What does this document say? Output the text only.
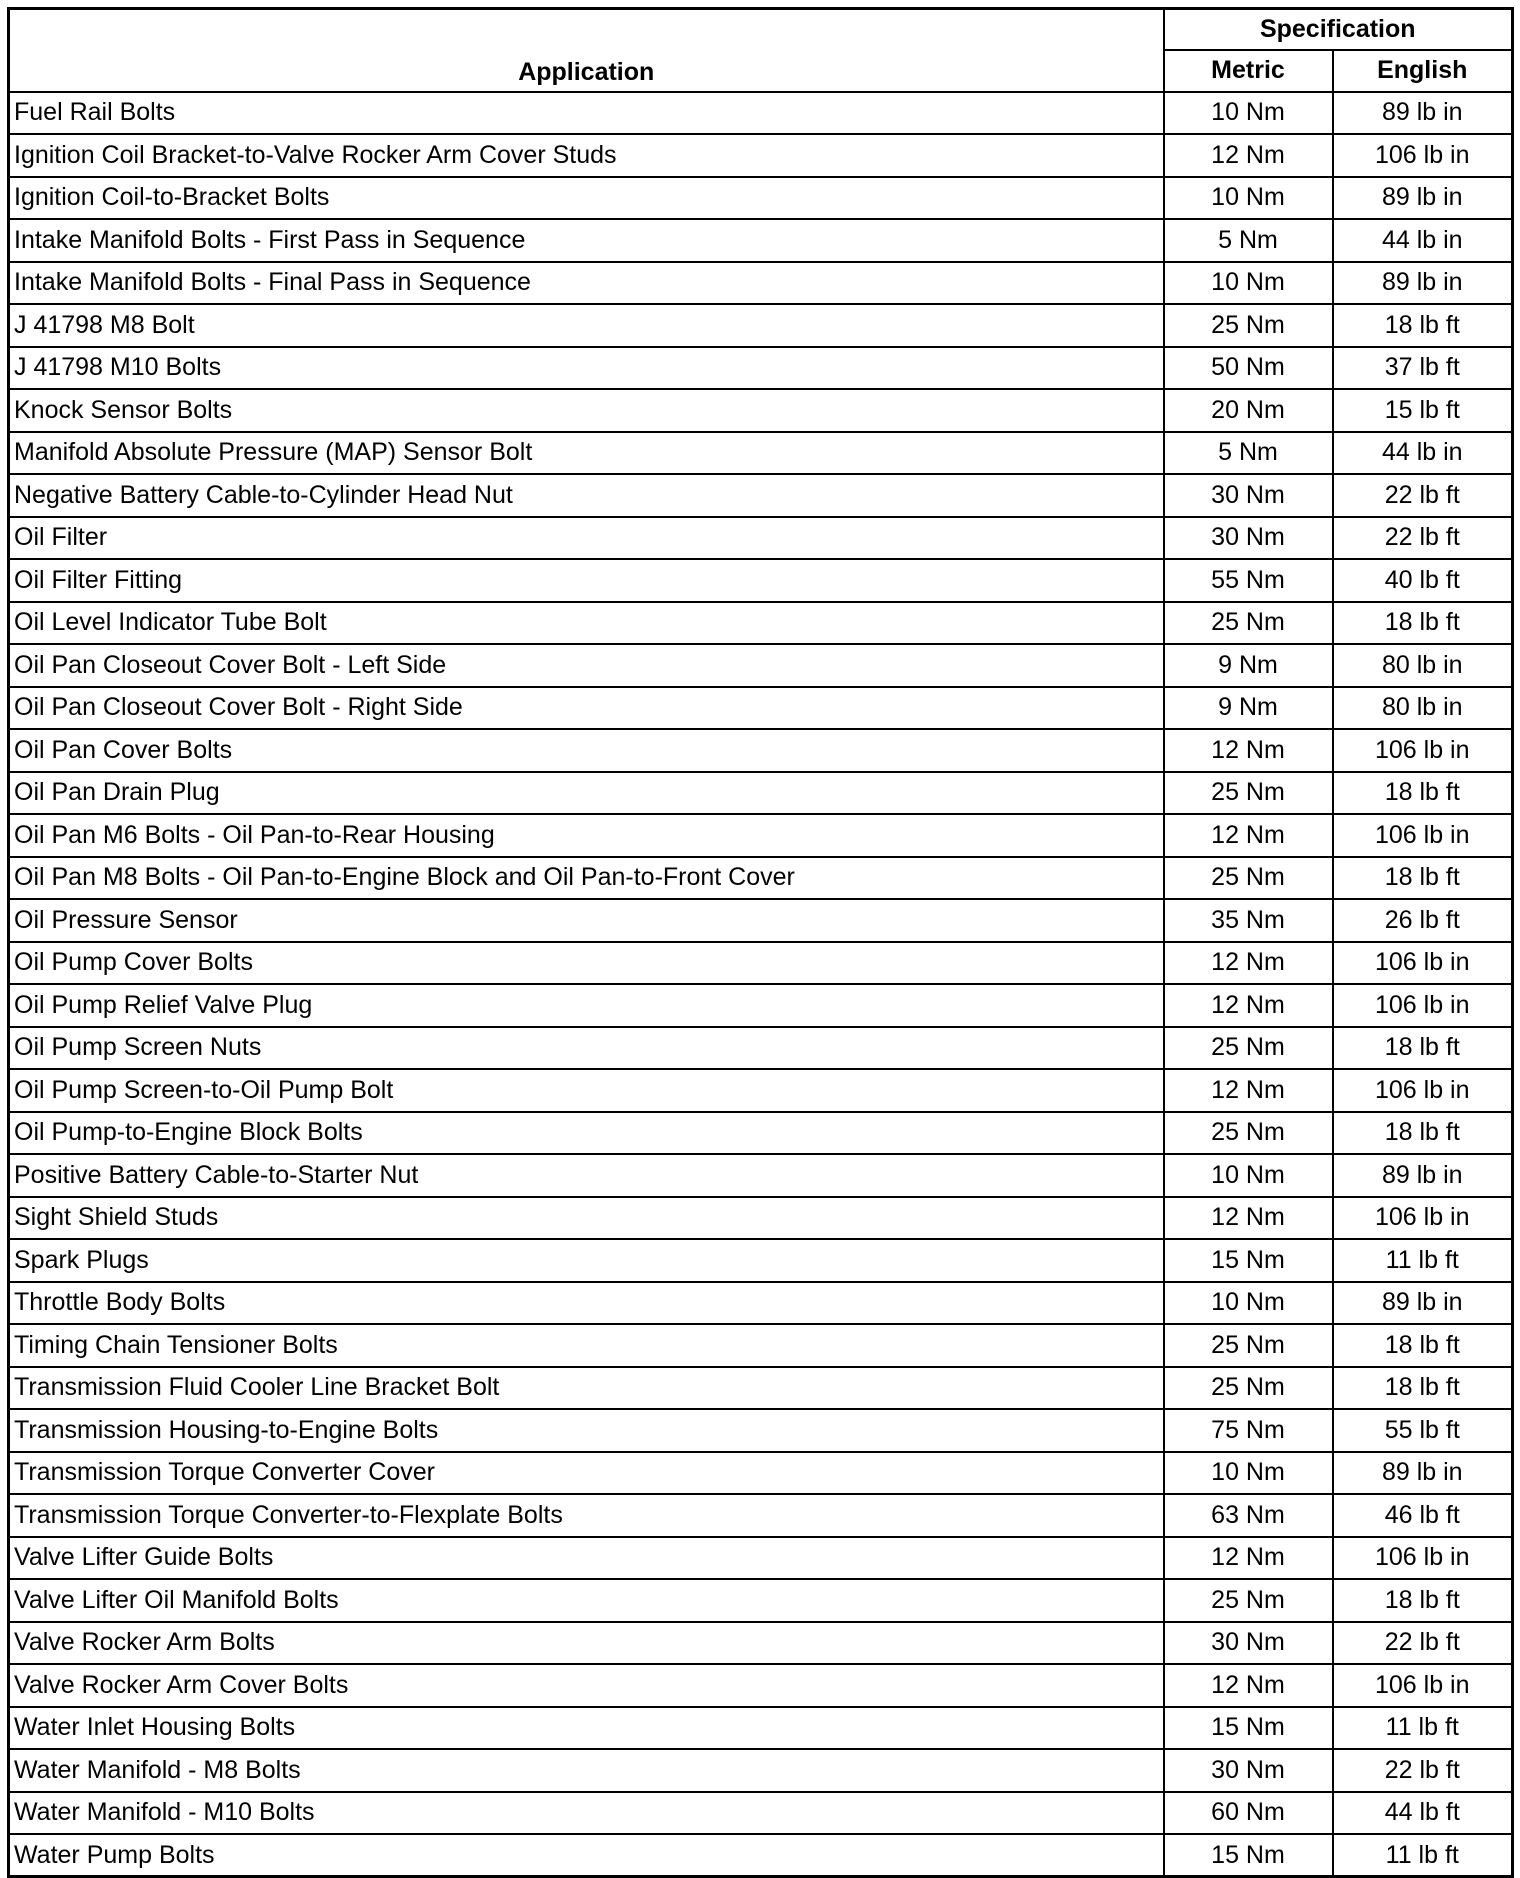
Application	Specification	
	Metric	English
Fuel Rail Bolts	10 Nm	89 lb in
Ignition Coil Bracket-to-Valve Rocker Arm Cover Studs	12 Nm	106 lb in
Ignition Coil-to-Bracket Bolts	10 Nm	89 lb in
Intake Manifold Bolts - First Pass in Sequence	5 Nm	44 lb in
Intake Manifold Bolts - Final Pass in Sequence	10 Nm	89 lb in
J 41798 M8 Bolt	25 Nm	18 lb ft
J 41798 M10 Bolts	50 Nm	37 lb ft
Knock Sensor Bolts	20 Nm	15 lb ft
Manifold Absolute Pressure (MAP) Sensor Bolt	5 Nm	44 lb in
Negative Battery Cable-to-Cylinder Head Nut	30 Nm	22 lb ft
Oil Filter	30 Nm	22 lb ft
Oil Filter Fitting	55 Nm	40 lb ft
Oil Level Indicator Tube Bolt	25 Nm	18 lb ft
Oil Pan Closeout Cover Bolt - Left Side	9 Nm	80 lb in
Oil Pan Closeout Cover Bolt - Right Side	9 Nm	80 lb in
Oil Pan Cover Bolts	12 Nm	106 lb in
Oil Pan Drain Plug	25 Nm	18 lb ft
Oil Pan M6 Bolts - Oil Pan-to-Rear Housing	12 Nm	106 lb in
Oil Pan M8 Bolts - Oil Pan-to-Engine Block and Oil Pan-to-Front Cover	25 Nm	18 lb ft
Oil Pressure Sensor	35 Nm	26 lb ft
Oil Pump Cover Bolts	12 Nm	106 lb in
Oil Pump Relief Valve Plug	12 Nm	106 lb in
Oil Pump Screen Nuts	25 Nm	18 lb ft
Oil Pump Screen-to-Oil Pump Bolt	12 Nm	106 lb in
Oil Pump-to-Engine Block Bolts	25 Nm	18 lb ft
Positive Battery Cable-to-Starter Nut	10 Nm	89 lb in
Sight Shield Studs	12 Nm	106 lb in
Spark Plugs	15 Nm	11 lb ft
Throttle Body Bolts	10 Nm	89 lb in
Timing Chain Tensioner Bolts	25 Nm	18 lb ft
Transmission Fluid Cooler Line Bracket Bolt	25 Nm	18 lb ft
Transmission Housing-to-Engine Bolts	75 Nm	55 lb ft
Transmission Torque Converter Cover	10 Nm	89 lb in
Transmission Torque Converter-to-Flexplate Bolts	63 Nm	46 lb ft
Valve Lifter Guide Bolts	12 Nm	106 lb in
Valve Lifter Oil Manifold Bolts	25 Nm	18 lb ft
Valve Rocker Arm Bolts	30 Nm	22 lb ft
Valve Rocker Arm Cover Bolts	12 Nm	106 lb in
Water Inlet Housing Bolts	15 Nm	11 lb ft
Water Manifold - M8 Bolts	30 Nm	22 lb ft
Water Manifold - M10 Bolts	60 Nm	44 lb ft
Water Pump Bolts	15 Nm	11 lb ft
